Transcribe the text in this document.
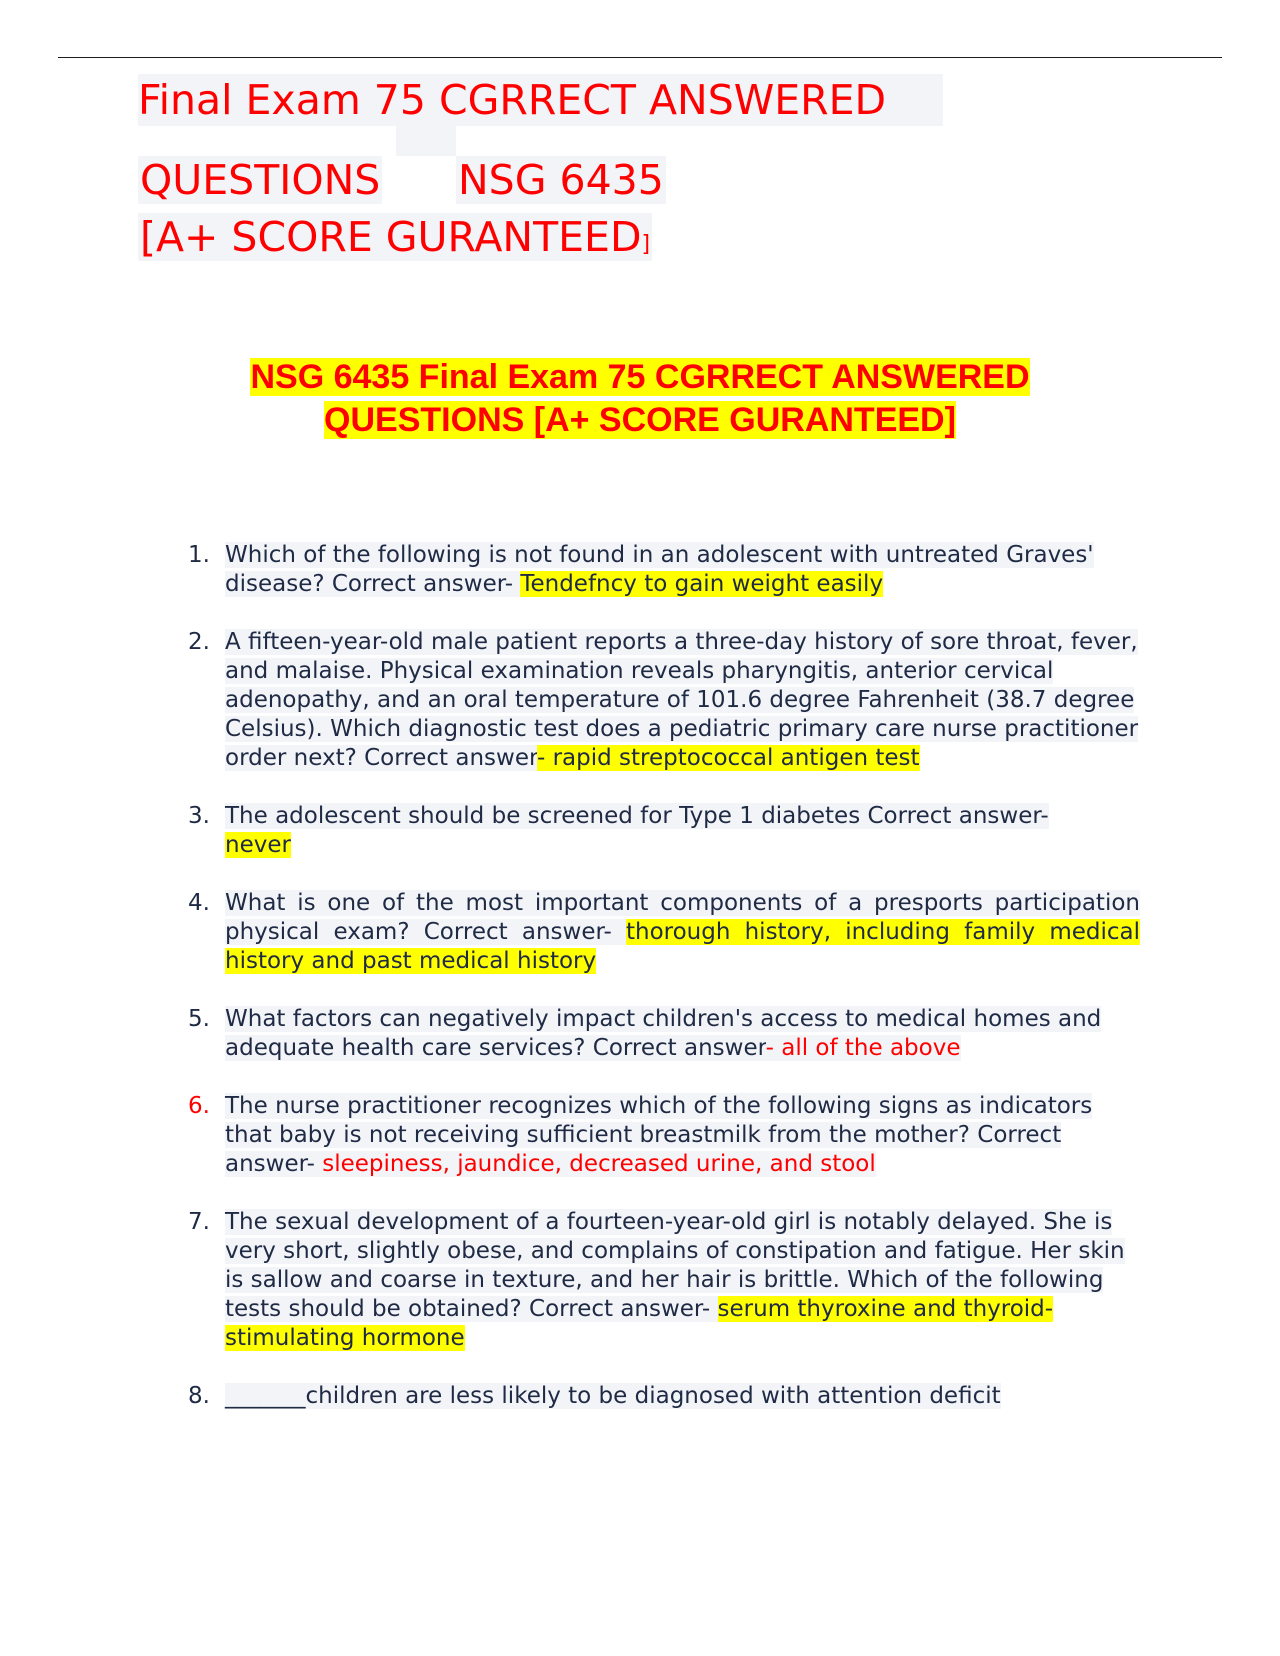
Final Exam 75 CGRRECT ANSWERED
QUESTIONS NSG 6435
[A+ SCORE GURANTEED]
NSG 6435 Final Exam 75 CGRRECT ANSWERED
QUESTIONS [A+ SCORE GURANTEED]
1. Which of the following is not found in an adolescent with untreated Graves' disease? Correct answer- Tendefncy to gain weight easily
2. A fifteen-year-old male patient reports a three-day history of sore throat, fever, and malaise. Physical examination reveals pharyngitis, anterior cervical adenopathy, and an oral temperature of 101.6 degree Fahrenheit (38.7 degree Celsius). Which diagnostic test does a pediatric primary care nurse practitioner order next? Correct answer- rapid streptococcal antigen test
3. The adolescent should be screened for Type 1 diabetes Correct answer-
never
4. What is one of the most important components of a presports participation physical exam? Correct answer- thorough history, including family medical history and past medical history
5. What factors can negatively impact children's access to medical homes and adequate health care services? Correct answer- all of the above
6. The nurse practitioner recognizes which of the following signs as indicators that baby is not receiving sufficient breastmilk from the mother? Correct answer- sleepiness, jaundice, decreased urine, and stool
7. The sexual development of a fourteen-year-old girl is notably delayed. She is very short, slightly obese, and complains of constipation and fatigue. Her skin is sallow and coarse in texture, and her hair is brittle. Which of the following tests should be obtained? Correct answer- serum thyroxine and thyroid-stimulating hormone
8. _______children are less likely to be diagnosed with attention deficit
